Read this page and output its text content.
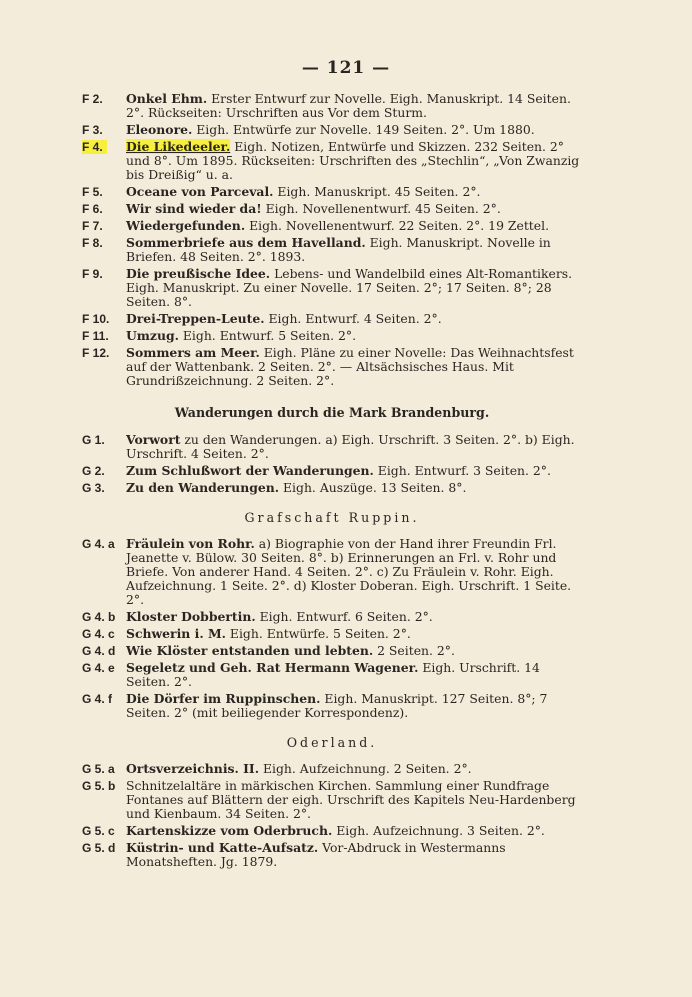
— 121 —
F 2.	Onkel Ehm. Erster Entwurf zur Novelle. Eigh. Manuskript. 14 Seiten. 2°. Rückseiten: Urschriften aus Vor dem Sturm.
F 3.	Eleonore. Eigh. Entwürfe zur Novelle. 149 Seiten. 2°. Um 1880.
F 4.	Die Likedeeler. Eigh. Notizen, Entwürfe und Skizzen. 232 Seiten. 2° und 8°. Um 1895. Rückseiten: Urschriften des „Stechlin“, „Von Zwanzig bis Dreißig“ u. a.
F 5.	Oceane von Parceval. Eigh. Manuskript. 45 Seiten. 2°.
F 6.	Wir sind wieder da! Eigh. Novellenentwurf. 45 Seiten. 2°.
F 7.	Wiedergefunden. Eigh. Novellenentwurf. 22 Seiten. 2°. 19 Zettel.
F 8.	Sommerbriefe aus dem Havelland. Eigh. Manuskript. Novelle in Briefen. 48 Seiten. 2°. 1893.
F 9.	Die preußische Idee. Lebens- und Wandelbild eines Alt-Romantikers. Eigh. Manuskript. Zu einer Novelle. 17 Seiten. 2°; 17 Seiten. 8°; 28 Seiten. 8°.
F 10.	Drei-Treppen-Leute. Eigh. Entwurf. 4 Seiten. 2°.
F 11.	Umzug. Eigh. Entwurf. 5 Seiten. 2°.
F 12.	Sommers am Meer. Eigh. Pläne zu einer Novelle: Das Weihnachtsfest auf der Wattenbank. 2 Seiten. 2°. — Altsächsisches Haus. Mit Grundrißzeichnung. 2 Seiten. 2°.
Wanderungen durch die Mark Brandenburg.
G 1.	Vorwort zu den Wanderungen. a) Eigh. Urschrift. 3 Seiten. 2°. b) Eigh. Urschrift. 4 Seiten. 2°.
G 2.	Zum Schlußwort der Wanderungen. Eigh. Entwurf. 3 Seiten. 2°.
G 3.	Zu den Wanderungen. Eigh. Auszüge. 13 Seiten. 8°.
Grafschaft Ruppin.
G 4. a Fräulein von Rohr. a) Biographie von der Hand ihrer Freundin Frl. Jeanette v. Bülow. 30 Seiten. 8°. b) Erinnerungen an Frl. v. Rohr und Briefe. Von anderer Hand. 4 Seiten. 2°. c) Zu Fräulein v. Rohr. Eigh. Aufzeichnung. 1 Seite. 2°. d) Kloster Doberan. Eigh. Urschrift. 1 Seite. 2°.
G 4. b Kloster Dobbertin. Eigh. Entwurf. 6 Seiten. 2°.
G 4. c Schwerin i. M. Eigh. Entwürfe. 5 Seiten. 2°.
G 4. d Wie Klöster entstanden und lebten. 2 Seiten. 2°.
G 4. e Segeletz und Geh. Rat Hermann Wagener. Eigh. Urschrift. 14 Seiten. 2°.
G 4. f	Die Dörfer im Ruppinschen. Eigh. Manuskript. 127 Seiten. 8°; 7 Seiten. 2° (mit beiliegender Korrespondenz).
Oderland.
G 5. a Ortsverzeichnis. II. Eigh. Aufzeichnung. 2 Seiten. 2°.
G 5. b Schnitzelaltäre in märkischen Kirchen. Sammlung einer Rundfrage Fontanes auf Blättern der eigh. Urschrift des Kapitels Neu-Hardenberg und Kienbaum. 34 Seiten. 2°.
G 5. c Kartenskizze vom Oderbruch. Eigh. Aufzeichnung. 3 Seiten. 2°.
G 5. d Küstrin- und Katte-Aufsatz. Vor-Abdruck in Westermanns Monatsheften. Jg. 1879.
